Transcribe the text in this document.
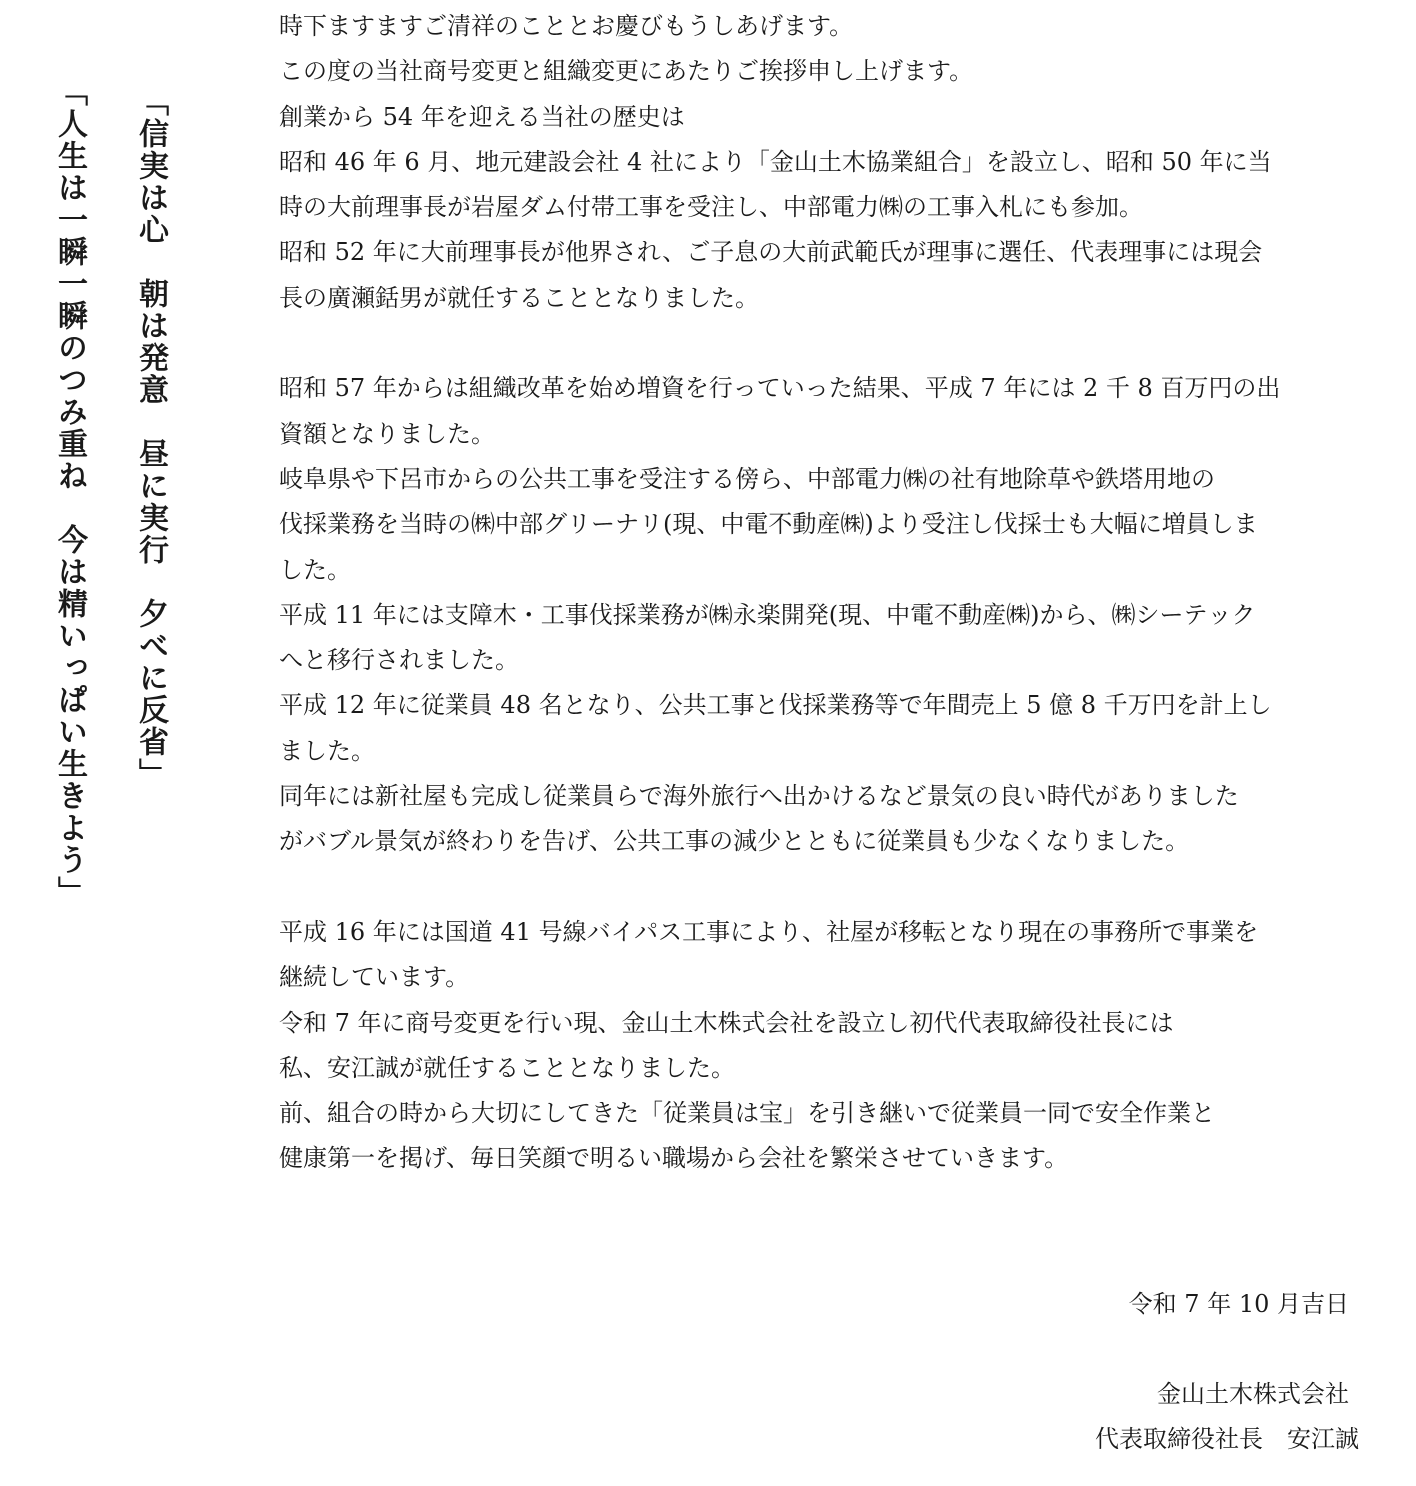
「信実は心　朝は発意　昼に実行　夕べに反省」
「人生は一瞬一瞬のつみ重ね　今は精いっぱい生きよう」
時下ますますご清祥のこととお慶びもうしあげます。
この度の当社商号変更と組織変更にあたりご挨拶申し上げます。
創業から 54 年を迎える当社の歴史は
昭和 46 年 6 月、地元建設会社 4 社により「金山土木協業組合」を設立し、昭和 50 年に当
時の大前理事長が岩屋ダム付帯工事を受注し、中部電力㈱の工事入札にも参加。
昭和 52 年に大前理事長が他界され、ご子息の大前武範氏が理事に選任、代表理事には現会
長の廣瀬銛男が就任することとなりました。
昭和 57 年からは組織改革を始め増資を行っていった結果、平成 7 年には 2 千 8 百万円の出
資額となりました。
岐阜県や下呂市からの公共工事を受注する傍ら、中部電力㈱の社有地除草や鉄塔用地の
伐採業務を当時の㈱中部グリーナリ(現、中電不動産㈱)より受注し伐採士も大幅に増員しま
した。
平成 11 年には支障木・工事伐採業務が㈱永楽開発(現、中電不動産㈱)から、㈱シーテック
へと移行されました。
平成 12 年に従業員 48 名となり、公共工事と伐採業務等で年間売上 5 億 8 千万円を計上し
ました。
同年には新社屋も完成し従業員らで海外旅行へ出かけるなど景気の良い時代がありました
がバブル景気が終わりを告げ、公共工事の減少とともに従業員も少なくなりました。
平成 16 年には国道 41 号線バイパス工事により、社屋が移転となり現在の事務所で事業を
継続しています。
令和 7 年に商号変更を行い現、金山土木株式会社を設立し初代代表取締役社長には
私、安江誠が就任することとなりました。
前、組合の時から大切にしてきた「従業員は宝」を引き継いで従業員一同で安全作業と
健康第一を掲げ、毎日笑顔で明るい職場から会社を繁栄させていきます。
令和 7 年 10 月吉日
金山土木株式会社
代表取締役社長　安江誠
